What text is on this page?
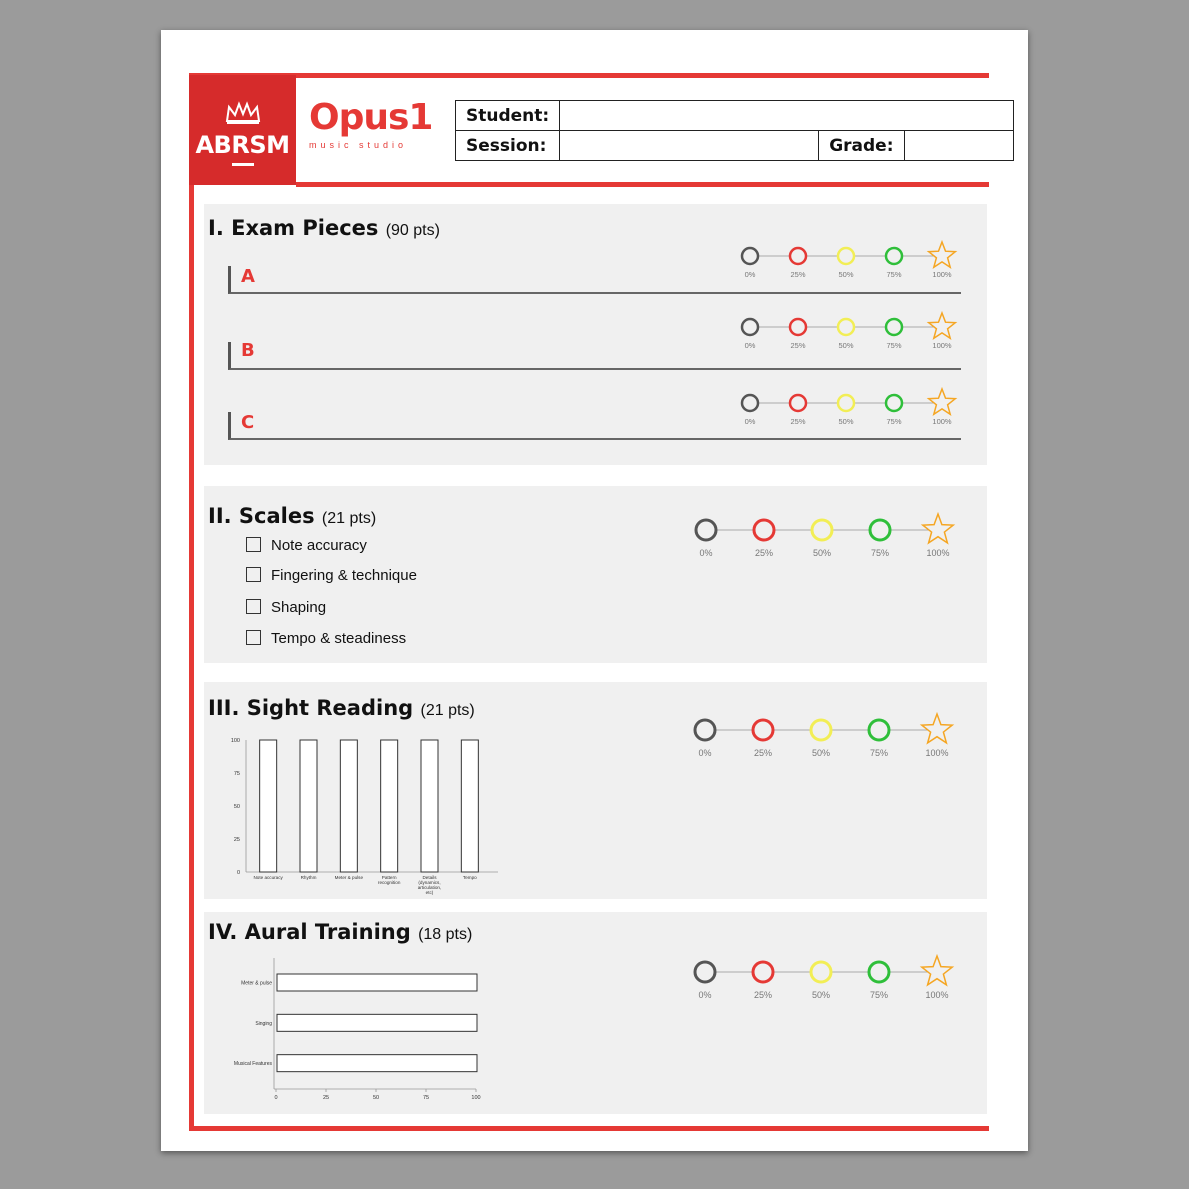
ABRSM
Opus1
music studio
Student:			
Session:		Grade:	
I. Exam Pieces (90 pts)
A
B
C
0%	25%	50%	75%	100%
0%	25%	50%	75%	100%
0%	25%	50%	75%	100%
II. Scales (21 pts)
Note accuracy
Fingering & technique
Shaping
Tempo & steadiness
0%	25%	50%	75%	100%
III. Sight Reading (21 pts)
0
25
50
75
100
Note accuracy	Rhythm	Meter & pulse	Pattern recognition
Details (dynamics, articulation, etc)
Tempo
0%	25%	50%	75%	100%
IV. Aural Training (18 pts)
0	25	50	75	100
Meter & pulse
Singing
Musical Features
0%	25%	50%	75%	100%
